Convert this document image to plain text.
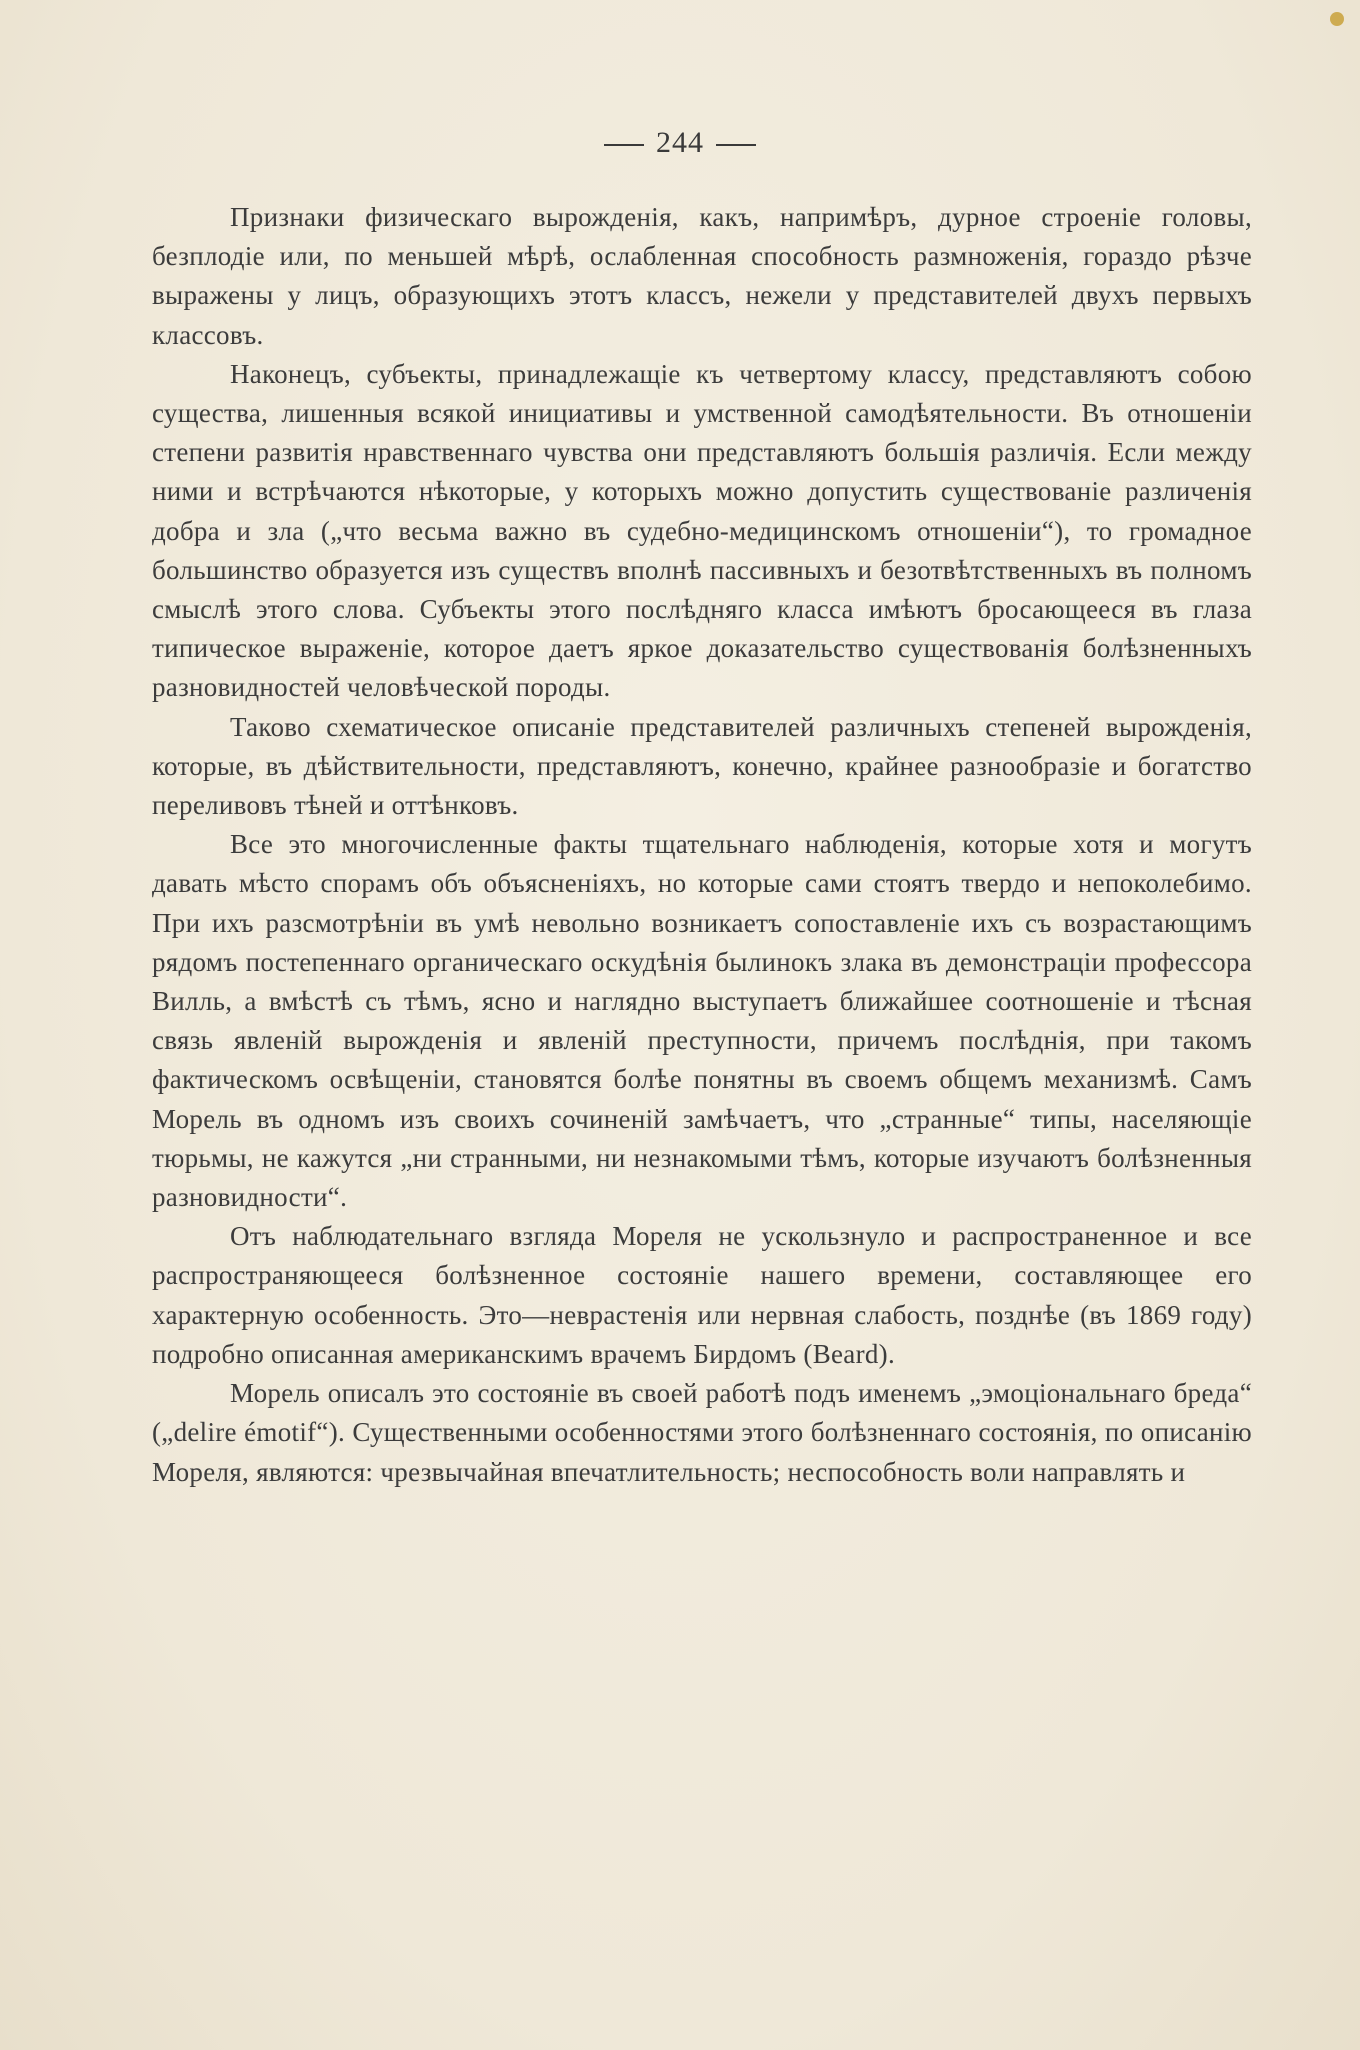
244

Признаки физическаго вырожденія, какъ, напримѣръ, дурное строеніе головы, безплодіе или, по меньшей мѣрѣ, ослабленная способность размноженія, гораздо рѣзче выражены у лицъ, образующихъ этотъ классъ, нежели у представителей двухъ первыхъ классовъ.

Наконецъ, субъекты, принадлежащіе къ четвертому классу, представляютъ собою существа, лишенныя всякой инициативы и умственной самодѣятельности. Въ отношеніи степени развитія нравственнаго чувства они представляютъ большія различія. Если между ними и встрѣчаются нѣкоторые, у которыхъ можно допустить существованіе различенія добра и зла („что весьма важно въ судебно-медицинскомъ отношеніи“), то громадное большинство образуется изъ существъ вполнѣ пассивныхъ и безотвѣтственныхъ въ полномъ смыслѣ этого слова. Субъекты этого послѣдняго класса имѣютъ бросающееся въ глаза типическое выраженіе, которое даетъ яркое доказательство существованія болѣзненныхъ разновидностей человѣческой породы.

Таково схематическое описаніе представителей различныхъ степеней вырожденія, которые, въ дѣйствительности, представляютъ, конечно, крайнее разнообразіе и богатство переливовъ тѣней и оттѣнковъ.

Все это многочисленные факты тщательнаго наблюденія, которые хотя и могутъ давать мѣсто спорамъ объ объясненіяхъ, но которые сами стоятъ твердо и непоколебимо. При ихъ разсмотрѣніи въ умѣ невольно возникаетъ сопоставленіе ихъ съ возрастающимъ рядомъ постепеннаго органическаго оскудѣнія былинокъ злака въ демонстраціи профессора Вилль, а вмѣстѣ съ тѣмъ, ясно и наглядно выступаетъ ближайшее соотношеніе и тѣсная связь явленій вырожденія и явленій преступности, причемъ послѣднія, при такомъ фактическомъ освѣщеніи, становятся болѣе понятны въ своемъ общемъ механизмѣ. Самъ Морель въ одномъ изъ своихъ сочиненій замѣчаетъ, что „странные“ типы, населяющіе тюрьмы, не кажутся „ни странными, ни незнакомыми тѣмъ, которые изучаютъ болѣзненныя разновидности“.

Отъ наблюдательнаго взгляда Мореля не ускользнуло и распространенное и все распространяющееся болѣзненное состояніе нашего времени, составляющее его характерную особенность. Это—неврастенія или нервная слабость, позднѣе (въ 1869 году) подробно описанная американскимъ врачемъ Бирдомъ (Beard).

Морель описалъ это состояніе въ своей работѣ подъ именемъ „эмоціональнаго бреда“ („delire émotif“). Существенными особенностями этого болѣзненнаго состоянія, по описанію Мореля, являются: чрезвычайная впечатлительность; неспособность воли направлять и
